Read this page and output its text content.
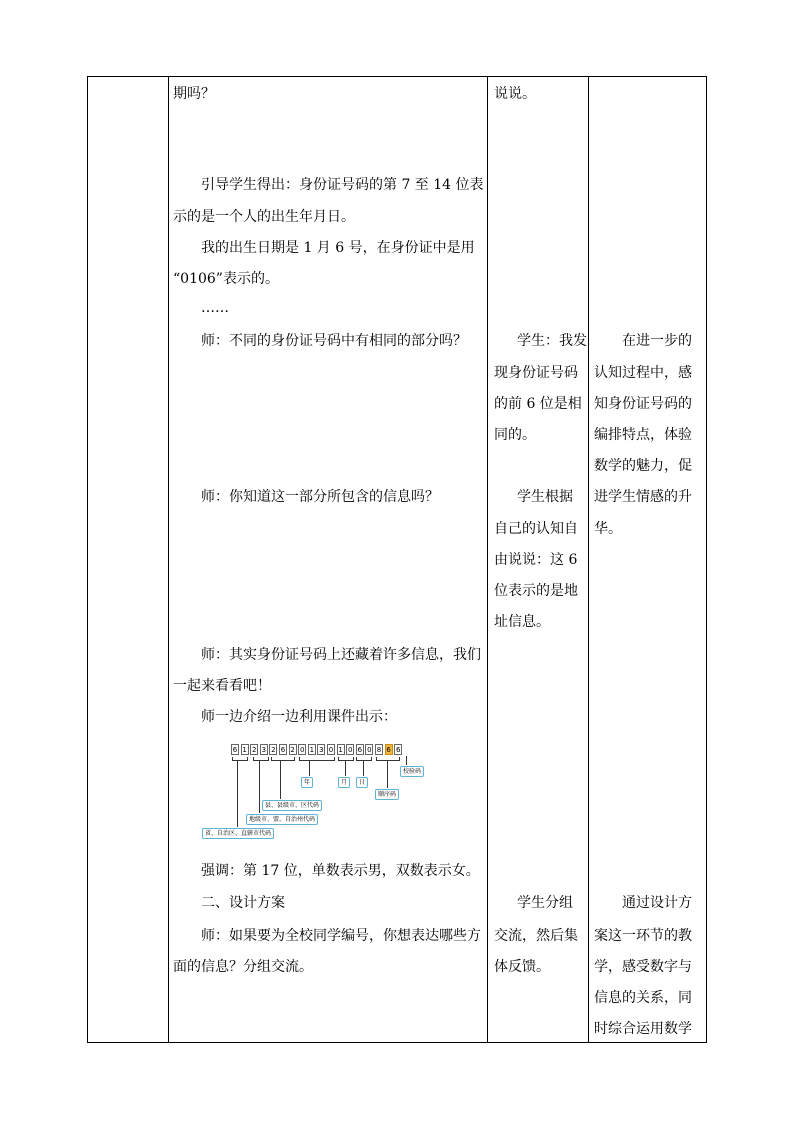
期吗？
引导学生得出：身份证号码的第 7 至 14 位表
示的是一个人的出生年月日。
我的出生日期是 1 月 6 号，在身份证中是用
“0106”表示的。
……
师：不同的身份证号码中有相同的部分吗？
师：你知道这一部分所包含的信息吗？
师：其实身份证号码上还藏着许多信息，我们
一起来看看吧！
师一边介绍一边利用课件出示：
强调：第 17 位，单数表示男，双数表示女。
二、设计方案
师：如果要为全校同学编号，你想表达哪些方
面的信息？分组交流。
6 1 2 3 2 6 2 0 1 3 0 1 0 6 0 8 6 6
年	月	日
顺序码
校验码
县、县级市、区代码
地级市、盟、自治州代码
省、自治区、直辖市代码
说说。
学生：我发
现身份证号码
的前 6 位是相
同的。
学生根据
自己的认知自
由说说：这 6
位表示的是地
址信息。
学生分组
交流，然后集
体反馈。
在进一步的
认知过程中，感
知身份证号码的
编排特点，体验
数学的魅力，促
进学生情感的升
华。
通过设计方
案这一环节的教
学，感受数字与
信息的关系，同
时综合运用数学
